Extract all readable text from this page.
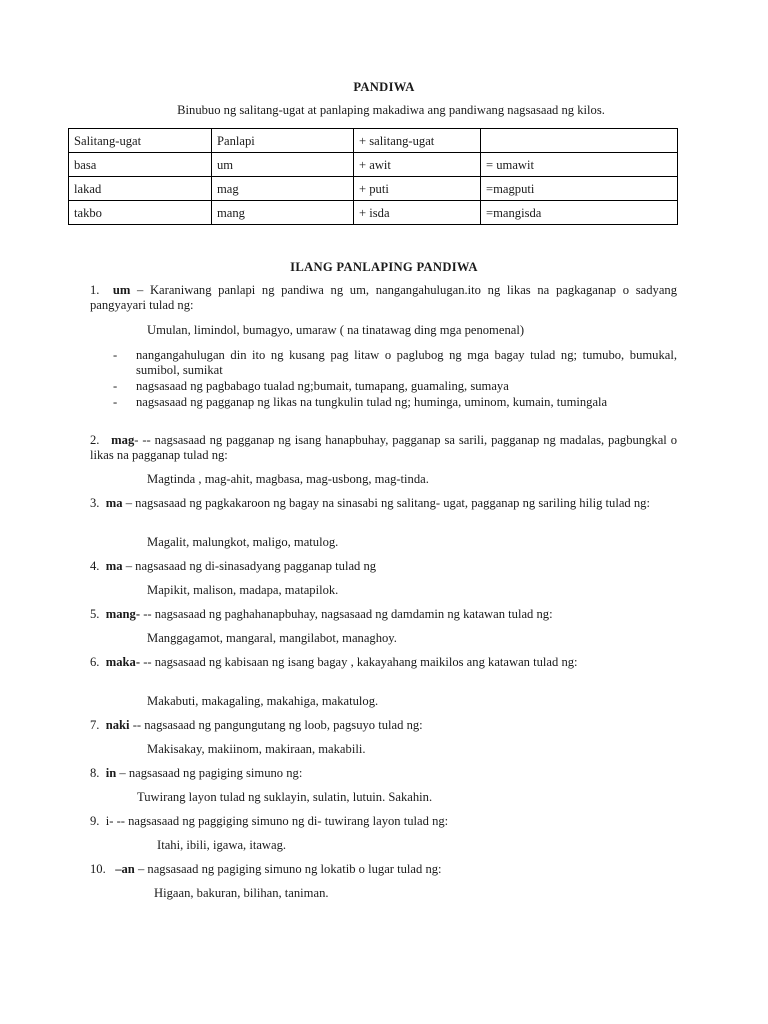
PANDIWA
Binubuo ng salitang-ugat at panlaping makadiwa ang pandiwang nagsasaad ng kilos.
Salitang-ugat	Panlapi	+ salitang-ugat	
basa	um	+ awit	= umawit
lakad	mag	+ puti	=magputi
takbo	mang	+ isda	=mangisda
ILANG PANLAPING PANDIWA
1. um – Karaniwang panlapi ng pandiwa ng um, nangangahulugan.ito ng likas na pagkaganap o sadyang pangyayari tulad ng:
Umulan, limindol, bumagyo, umaraw ( na tinatawag ding mga penomenal)
- nangangahulugan din ito ng kusang pag litaw o paglubog ng mga bagay tulad ng; tumubo, bumukal, sumibol, sumikat
- nagsasaad ng pagbabago tualad ng;bumait, tumapang, guamaling, sumaya
- nagsasaad ng pagganap ng likas na tungkulin tulad ng; huminga, uminom, kumain, tumingala
2. mag- -- nagsasaad ng pagganap ng isang hanapbuhay, pagganap sa sarili, pagganap ng madalas, pagbungkal o likas na pagganap tulad ng:
Magtinda , mag-ahit, magbasa, mag-usbong, mag-tinda.
3. ma – nagsasaad ng pagkakaroon ng bagay na sinasabi ng salitang- ugat, pagganap ng sariling hilig tulad ng:
Magalit, malungkot, maligo, matulog.
4. ma – nagsasaad ng di-sinasadyang pagganap tulad ng
Mapikit, malison, madapa, matapilok.
5. mang- -- nagsasaad ng paghahanapbuhay, nagsasaad ng damdamin ng katawan tulad ng:
Manggagamot, mangaral, mangilabot, managhoy.
6. maka- -- nagsasaad ng kabisaan ng isang bagay , kakayahang maikilos ang katawan tulad ng:
Makabuti, makagaling, makahiga, makatulog.
7. naki -- nagsasaad ng pangungutang ng loob, pagsuyo tulad ng:
Makisakay, makiinom, makiraan, makabili.
8. in – nagsasaad ng pagiging simuno ng:
Tuwirang layon tulad ng suklayin, sulatin, lutuin. Sakahin.
9. i- -- nagsasaad ng paggiging simuno ng di- tuwirang layon tulad ng:
Itahi, ibili, igawa, itawag.
10.   –an – nagsasaad ng pagiging simuno ng lokatib o lugar tulad ng:
Higaan, bakuran, bilihan, taniman.
